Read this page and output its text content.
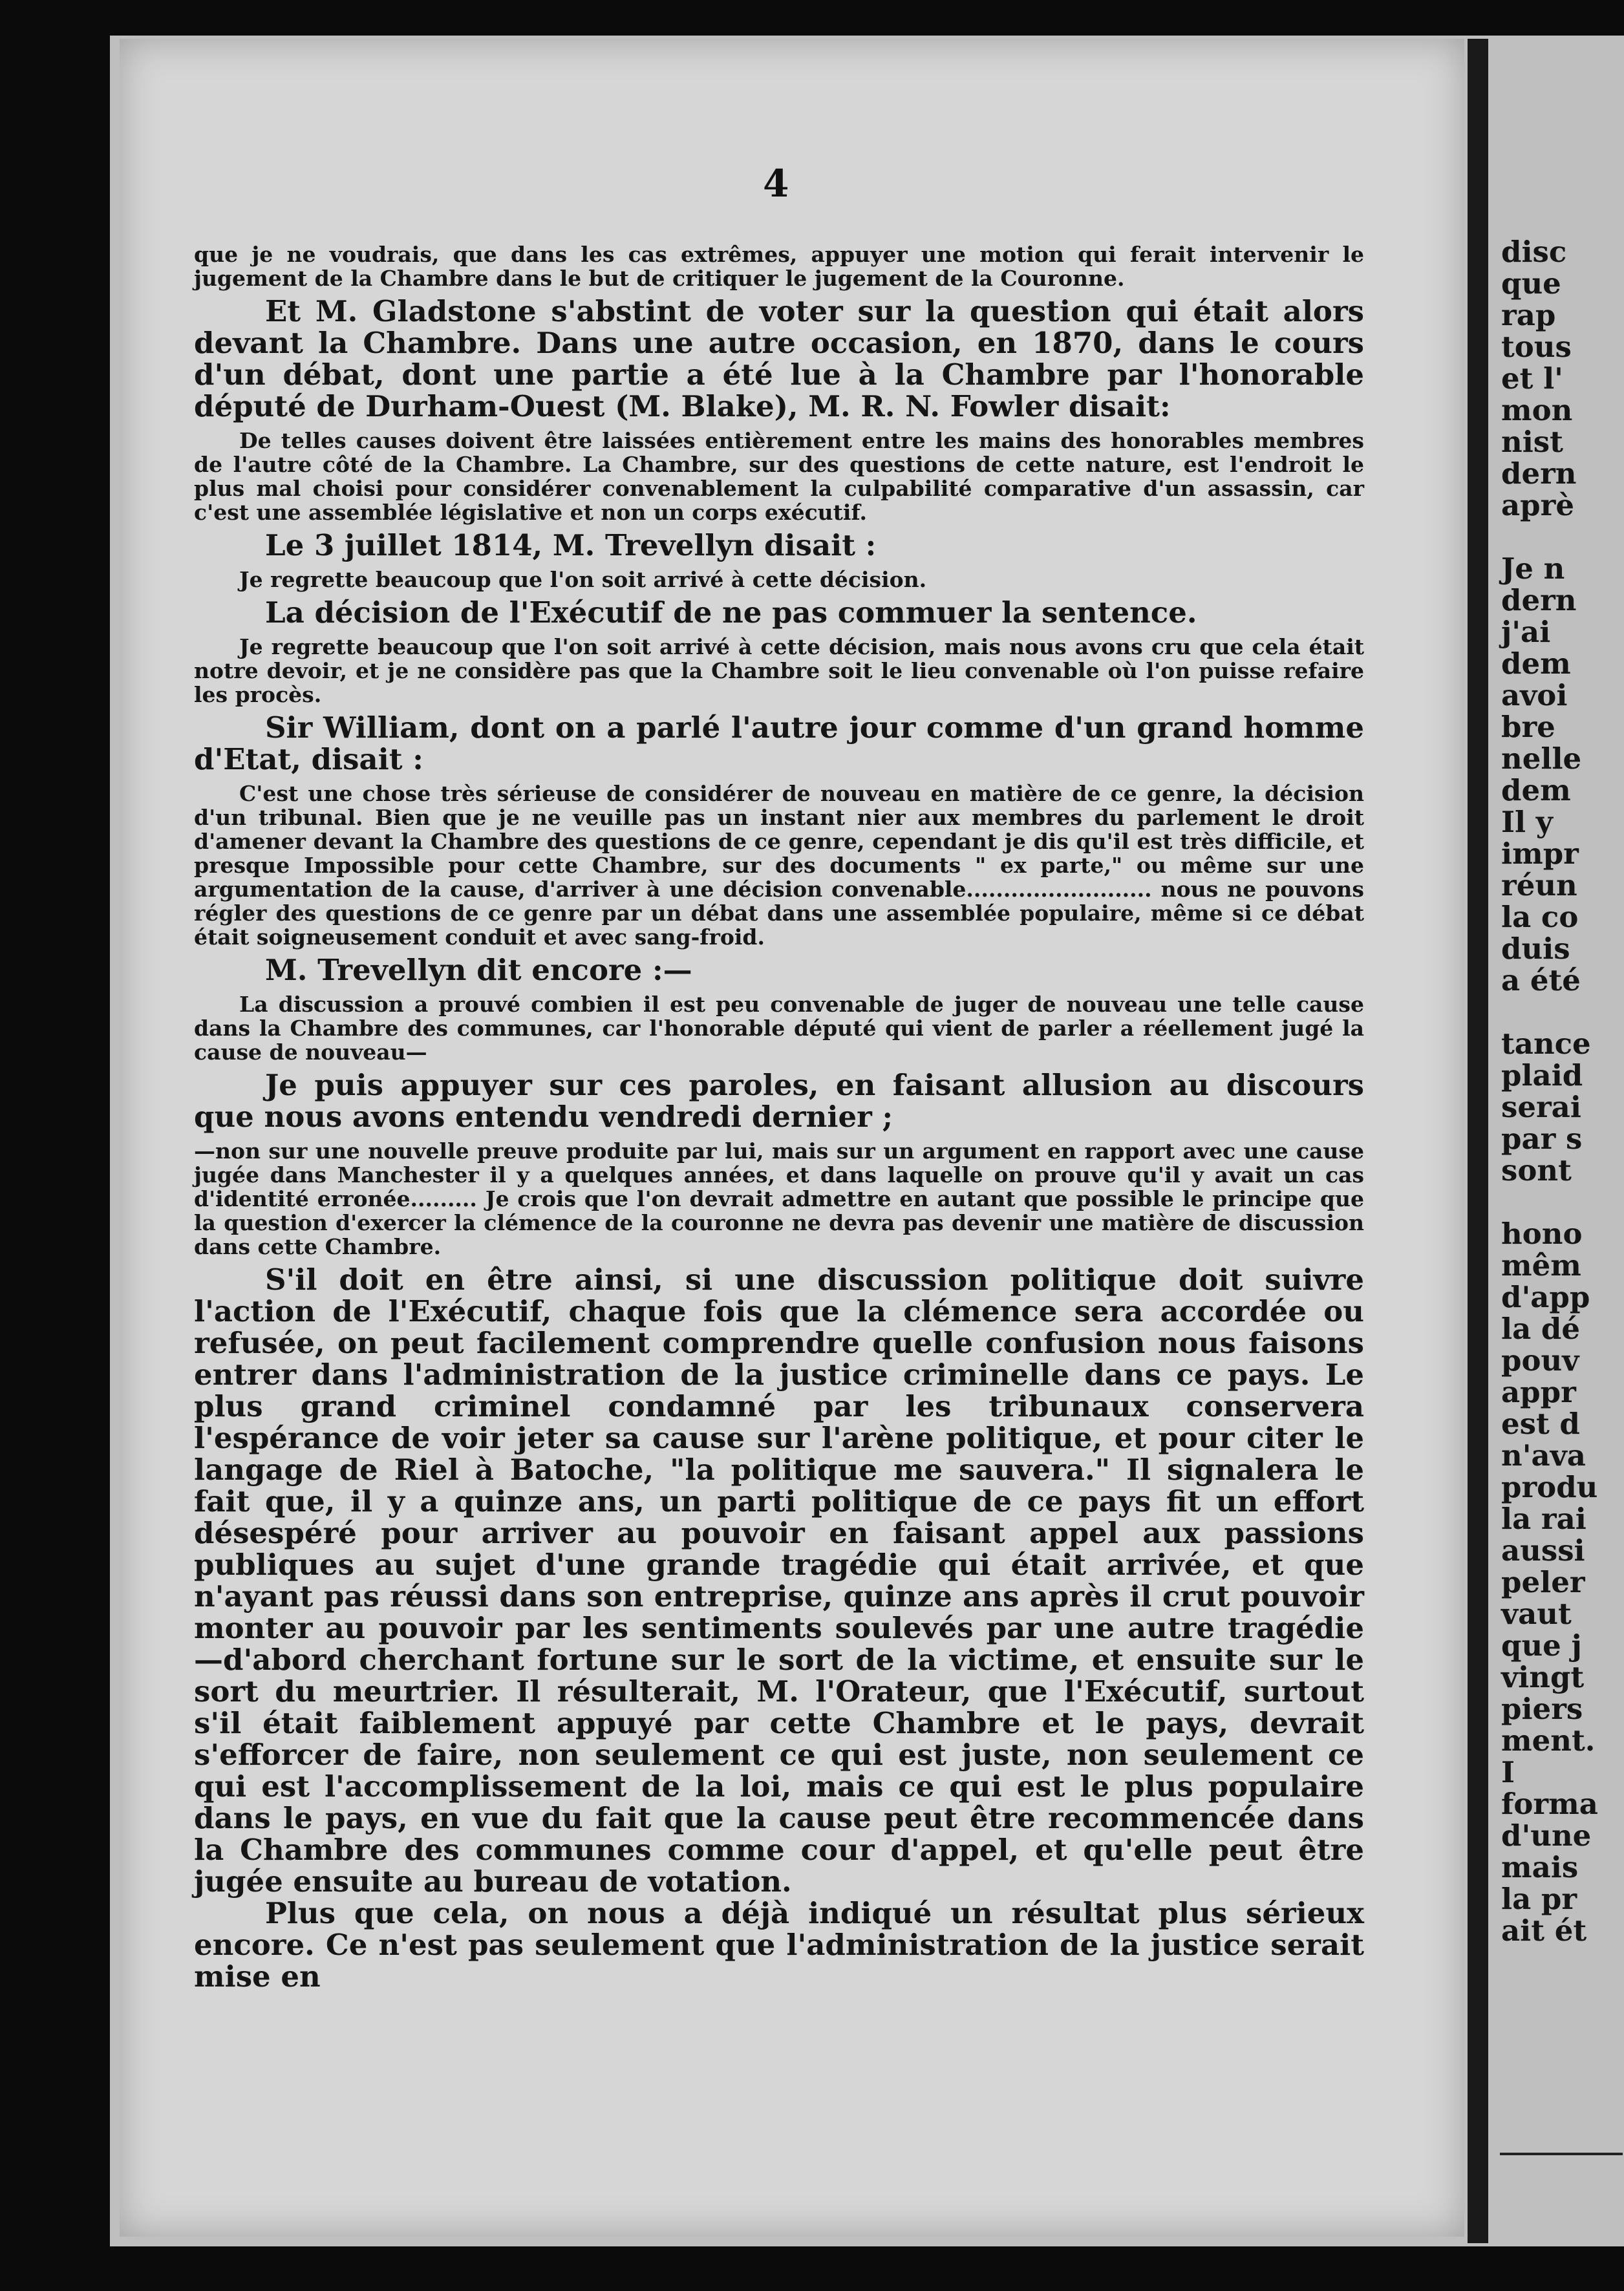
4

que je ne voudrais, que dans les cas extrêmes, appuyer une motion qui ferait intervenir le jugement de la Chambre dans le but de critiquer le jugement de la Couronne.

Et M. Gladstone s'abstint de voter sur la question qui était alors devant la Chambre. Dans une autre occasion, en 1870, dans le cours d'un débat, dont une partie a été lue à la Chambre par l'honorable député de Durham-Ouest (M. Blake), M. R. N. Fowler disait:

De telles causes doivent être laissées entièrement entre les mains des honorables membres de l'autre côté de la Chambre. La Chambre, sur des questions de cette nature, est l'endroit le plus mal choisi pour considérer convenablement la culpabilité comparative d'un assassin, car c'est une assemblée législative et non un corps exécutif.

Le 3 juillet 1814, M. Trevellyn disait :

Je regrette beaucoup que l'on soit arrivé à cette décision.

La décision de l'Exécutif de ne pas commuer la sentence.

Je regrette beaucoup que l'on soit arrivé à cette décision, mais nous avons cru que cela était notre devoir, et je ne considère pas que la Chambre soit le lieu convenable où l'on puisse refaire les procès.

Sir William, dont on a parlé l'autre jour comme d'un grand homme d'Etat, disait :

C'est une chose très sérieuse de considérer de nouveau en matière de ce genre, la décision d'un tribunal. Bien que je ne veuille pas un instant nier aux membres du parlement le droit d'amener devant la Chambre des questions de ce genre, cependant je dis qu'il est très difficile, et presque Impossible pour cette Chambre, sur des documents " ex parte," ou même sur une argumentation de la cause, d'arriver à une décision convenable......................... nous ne pouvons régler des questions de ce genre par un débat dans une assemblée populaire, même si ce débat était soigneusement conduit et avec sang-froid.

M. Trevellyn dit encore :—

La discussion a prouvé combien il est peu convenable de juger de nouveau une telle cause dans la Chambre des communes, car l'honorable député qui vient de parler a réellement jugé la cause de nouveau—

Je puis appuyer sur ces paroles, en faisant allusion au discours que nous avons entendu vendredi dernier ;

—non sur une nouvelle preuve produite par lui, mais sur un argument en rapport avec une cause jugée dans Manchester il y a quelques années, et dans laquelle on prouve qu'il y avait un cas d'identité erronée......... Je crois que l'on devrait admettre en autant que possible le principe que la question d'exercer la clémence de la couronne ne devra pas devenir une matière de discussion dans cette Chambre.

S'il doit en être ainsi, si une discussion politique doit suivre l'action de l'Exécutif, chaque fois que la clémence sera accordée ou refusée, on peut facilement comprendre quelle confusion nous faisons entrer dans l'administration de la justice criminelle dans ce pays. Le plus grand criminel condamné par les tribunaux conservera l'espérance de voir jeter sa cause sur l'arène politique, et pour citer le langage de Riel à Batoche, "la politique me sauvera." Il signalera le fait que, il y a quinze ans, un parti politique de ce pays fit un effort désespéré pour arriver au pouvoir en faisant appel aux passions publiques au sujet d'une grande tragédie qui était arrivée, et que n'ayant pas réussi dans son entreprise, quinze ans après il crut pouvoir monter au pouvoir par les sentiments soulevés par une autre tragédie—d'abord cherchant fortune sur le sort de la victime, et ensuite sur le sort du meurtrier. Il résulterait, M. l'Orateur, que l'Exécutif, surtout s'il était faiblement appuyé par cette Chambre et le pays, devrait s'efforcer de faire, non seulement ce qui est juste, non seulement ce qui est l'accomplissement de la loi, mais ce qui est le plus populaire dans le pays, en vue du fait que la cause peut être recommencée dans la Chambre des communes comme cour d'appel, et qu'elle peut être jugée ensuite au bureau de votation.

Plus que cela, on nous a déjà indiqué un résultat plus sérieux encore. Ce n'est pas seulement que l'administration de la justice serait mise en

disc
que
rap
tous
et l'
mon
nist
dern
aprè
Je n
dern
j'ai
dem
avoi
bre
nelle
dem
Il y
impr
réun
la co
duis
a été
tance
plaid
serai
par s
sont
hono
mêm
d'app
la dé
pouv
appr
est d
n'ava
produ
la rai
aussi
peler
vaut
que j
vingt
piers
ment.
I
forma
d'une
mais
la pr
ait ét
